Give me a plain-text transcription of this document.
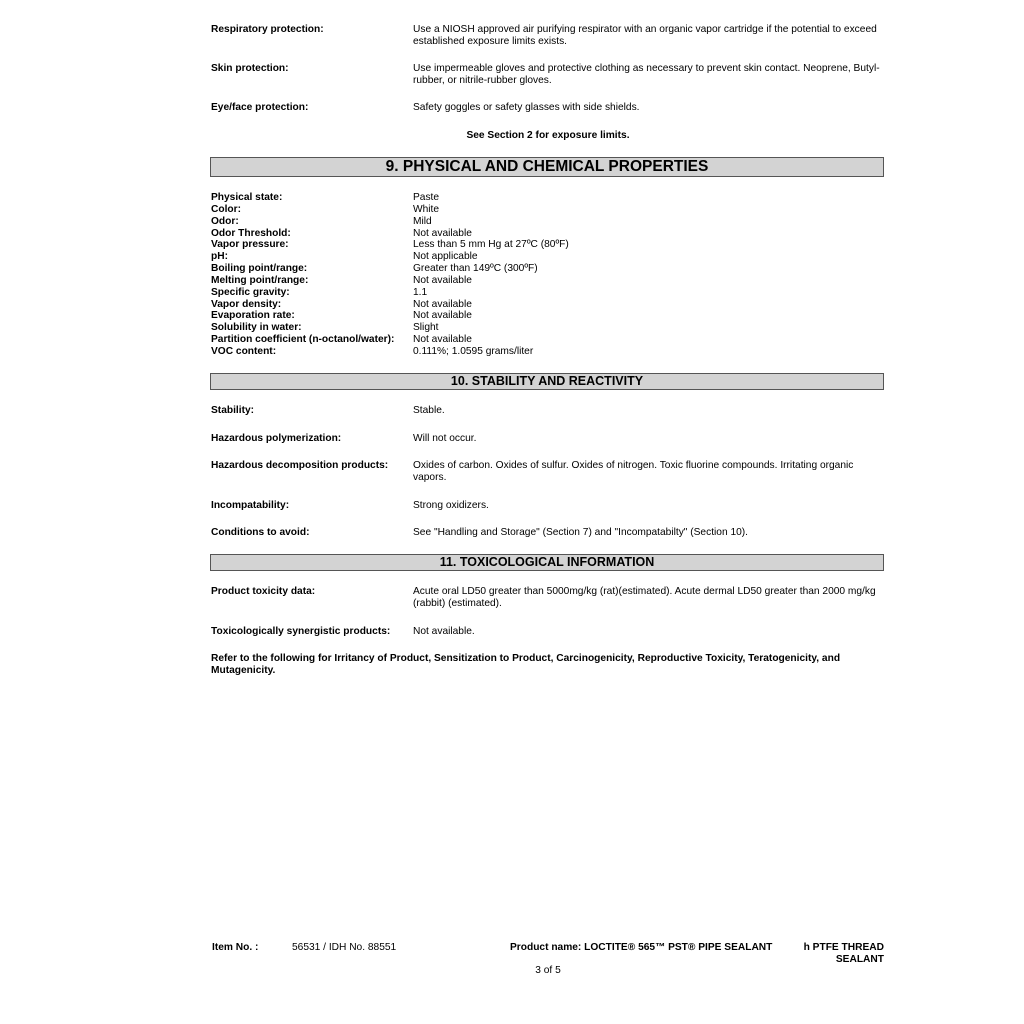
Respiratory protection:	Use a NIOSH approved air purifying respirator with an organic vapor cartridge if the potential to exceed established exposure limits exists.
Skin protection:	Use impermeable gloves and protective clothing as necessary to prevent skin contact. Neoprene, Butyl-rubber, or nitrile-rubber gloves.
Eye/face protection:	Safety goggles or safety glasses with side shields.
See Section 2 for exposure limits.
9. PHYSICAL AND CHEMICAL PROPERTIES
Physical state:	Paste
Color:	White
Odor:	Mild
Odor Threshold:	Not available
Vapor pressure:	Less than 5 mm Hg at 27ºC (80ºF)
pH:	Not applicable
Boiling point/range:	Greater than 149ºC (300ºF)
Melting point/range:	Not available
Specific gravity:	1.1
Vapor density:	Not available
Evaporation rate:	Not available
Solubility in water:	Slight
Partition coefficient (n-octanol/water): Not available
VOC content:	0.111%; 1.0595 grams/liter
10. STABILITY AND REACTIVITY
Stability:	Stable.
Hazardous polymerization:	Will not occur.
Hazardous decomposition products: Oxides of carbon. Oxides of sulfur. Oxides of nitrogen. Toxic fluorine compounds. Irritating organic vapors.
Incompatability:	Strong oxidizers.
Conditions to avoid:	See "Handling and Storage" (Section 7) and "Incompatabilty" (Section 10).
11. TOXICOLOGICAL INFORMATION
Product toxicity data:	Acute oral LD50 greater than 5000mg/kg (rat)(estimated). Acute dermal LD50 greater than 2000 mg/kg (rabbit) (estimated).
Toxicologically synergistic products: Not available.
Refer to the following for Irritancy of Product, Sensitization to Product, Carcinogenicity, Reproductive Toxicity, Teratogenicity, and Mutagenicity.
Item No. :	56531 / IDH No. 88551	Product name: LOCTITE® 565™ PST® PIPE SEALANT	h PTFE THREAD
SEALANT
3 of 5
